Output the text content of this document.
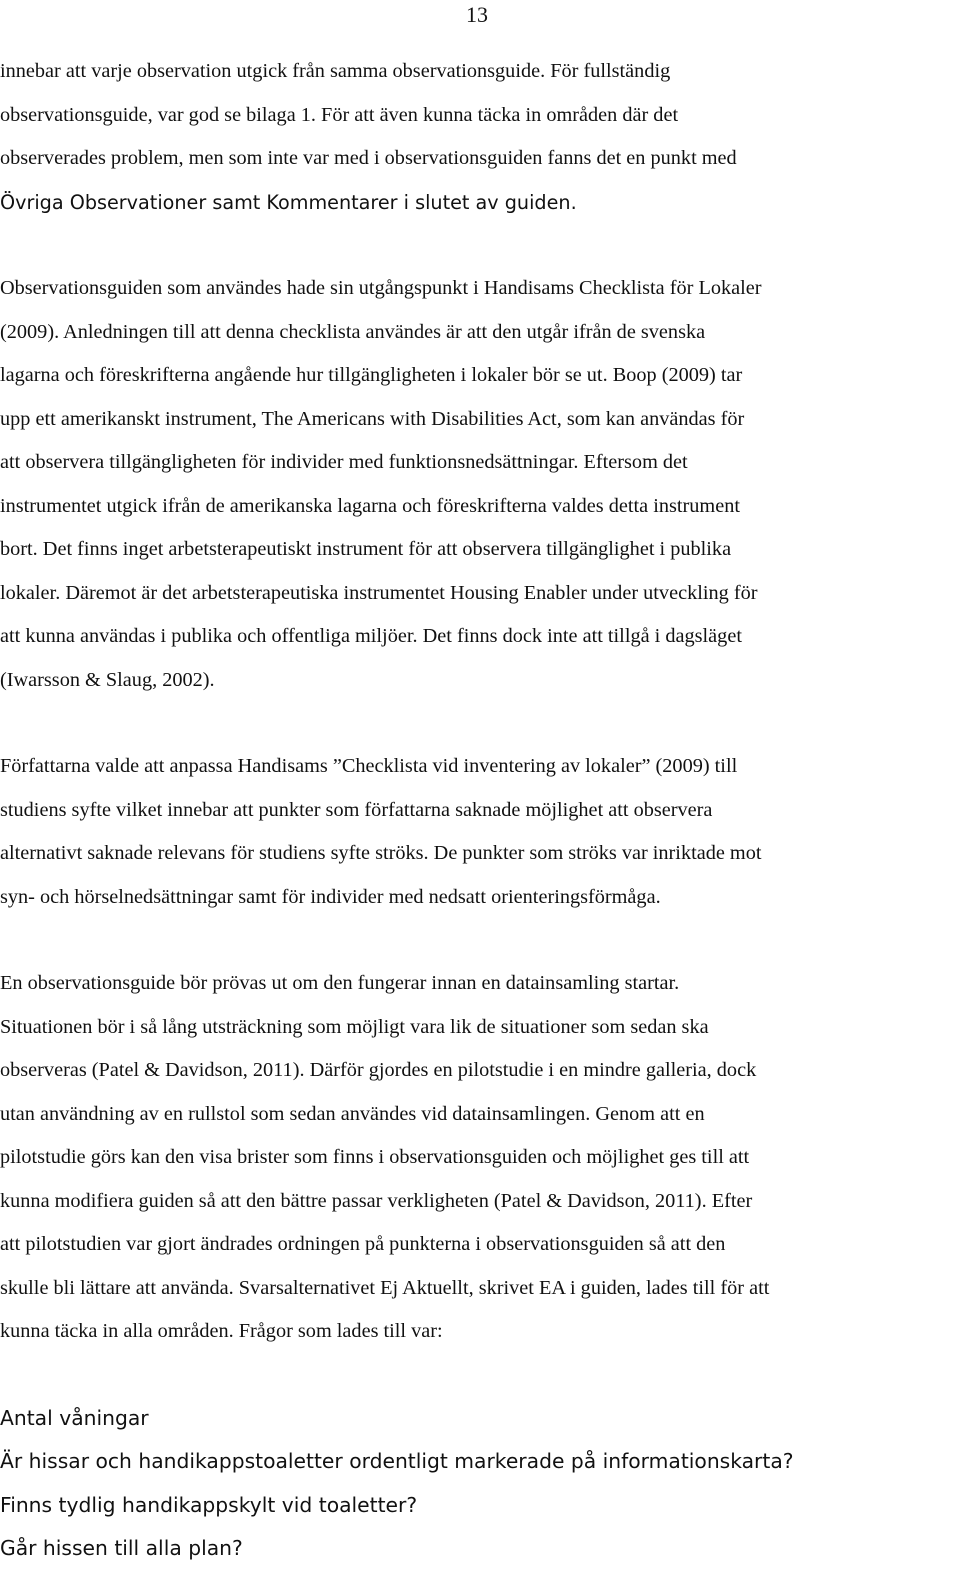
13

innebar att varje observation utgick från samma observationsguide. För fullständig
observationsguide, var god se bilaga 1. För att även kunna täcka in områden där det
observerades problem, men som inte var med i observationsguiden fanns det en punkt med
Övriga Observationer samt Kommentarer i slutet av guiden.

Observationsguiden som användes hade sin utgångspunkt i Handisams Checklista för Lokaler
(2009). Anledningen till att denna checklista användes är att den utgår ifrån de svenska
lagarna och föreskrifterna angående hur tillgängligheten i lokaler bör se ut. Boop (2009) tar
upp ett amerikanskt instrument, The Americans with Disabilities Act, som kan användas för
att observera tillgängligheten för individer med funktionsnedsättningar. Eftersom det
instrumentet utgick ifrån de amerikanska lagarna och föreskrifterna valdes detta instrument
bort. Det finns inget arbetsterapeutiskt instrument för att observera tillgänglighet i publika
lokaler. Däremot är det arbetsterapeutiska instrumentet Housing Enabler under utveckling för
att kunna användas i publika och offentliga miljöer. Det finns dock inte att tillgå i dagsläget
(Iwarsson & Slaug, 2002).

Författarna valde att anpassa Handisams ”Checklista vid inventering av lokaler” (2009) till
studiens syfte vilket innebar att punkter som författarna saknade möjlighet att observera
alternativt saknade relevans för studiens syfte ströks. De punkter som ströks var inriktade mot
syn- och hörselnedsättningar samt för individer med nedsatt orienteringsförmåga.

En observationsguide bör prövas ut om den fungerar innan en datainsamling startar.
Situationen bör i så lång utsträckning som möjligt vara lik de situationer som sedan ska
observeras (Patel & Davidson, 2011). Därför gjordes en pilotstudie i en mindre galleria, dock
utan användning av en rullstol som sedan användes vid datainsamlingen. Genom att en
pilotstudie görs kan den visa brister som finns i observationsguiden och möjlighet ges till att
kunna modifiera guiden så att den bättre passar verkligheten (Patel & Davidson, 2011). Efter
att pilotstudien var gjort ändrades ordningen på punkterna i observationsguiden så att den
skulle bli lättare att använda. Svarsalternativet Ej Aktuellt, skrivet EA i guiden, lades till för att
kunna täcka in alla områden. Frågor som lades till var:

Antal våningar
Är hissar och handikappstoaletter ordentligt markerade på informationskarta?
Finns tydlig handikappskylt vid toaletter?
Går hissen till alla plan?
